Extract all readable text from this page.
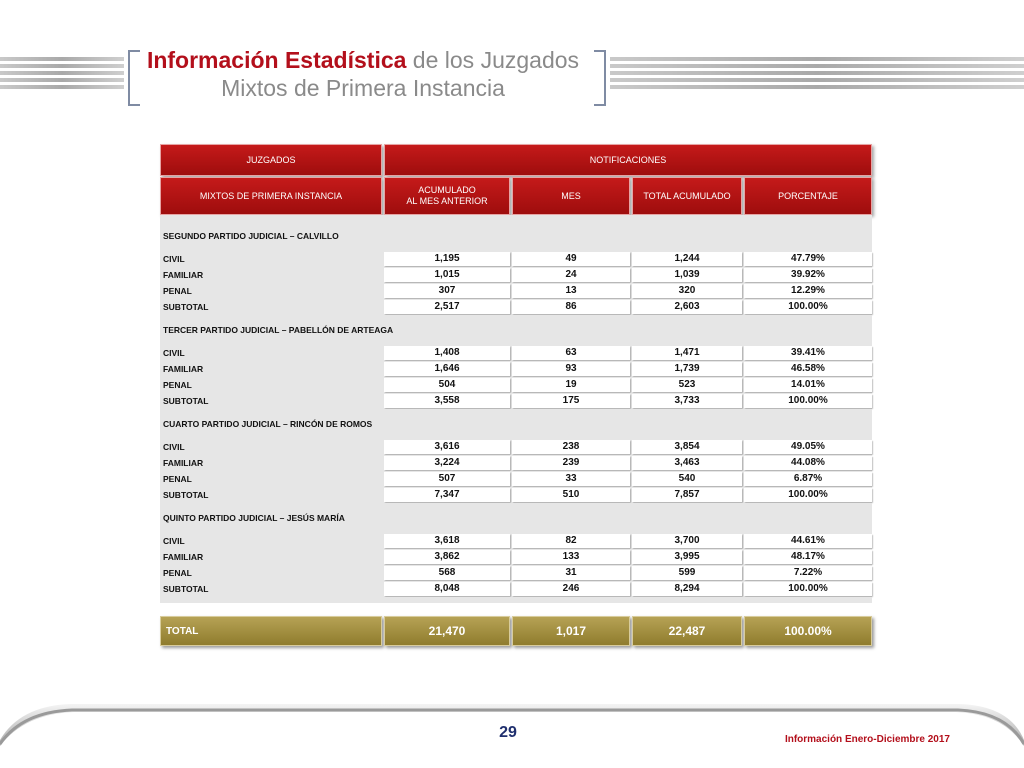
Información Estadística de los Juzgados
Mixtos de Primera Instancia
JUZGADOS	NOTIFICACIONES
MIXTOS DE PRIMERA INSTANCIA
ACUMULADO
AL MES ANTERIOR
MES	TOTAL ACUMULADO	PORCENTAJE
TOTAL	21,470	1,017	22,487	100.00%
SEGUNDO PARTIDO JUDICIAL – CALVILLO
CIVIL	1,195	49	1,244	47.79%
FAMILIAR	1,015	24	1,039	39.92%
PENAL	307	13	320	12.29%
SUBTOTAL	2,517	86	2,603	100.00%
TERCER PARTIDO JUDICIAL – PABELLÓN DE ARTEAGA
CIVIL	1,408	63	1,471	39.41%
FAMILIAR	1,646	93	1,739	46.58%
PENAL	504	19	523	14.01%
SUBTOTAL	3,558	175	3,733	100.00%
CUARTO PARTIDO JUDICIAL – RINCÓN DE ROMOS
CIVIL	3,616	238	3,854	49.05%
FAMILIAR	3,224	239	3,463	44.08%
PENAL	507	33	540	6.87%
SUBTOTAL	7,347	510	7,857	100.00%
QUINTO PARTIDO JUDICIAL – JESÚS MARÍA
CIVIL	3,618	82	3,700	44.61%
FAMILIAR	3,862	133	3,995	48.17%
PENAL	568	31	599	7.22%
SUBTOTAL	8,048	246	8,294	100.00%
29	Información Enero-Diciembre 2017
